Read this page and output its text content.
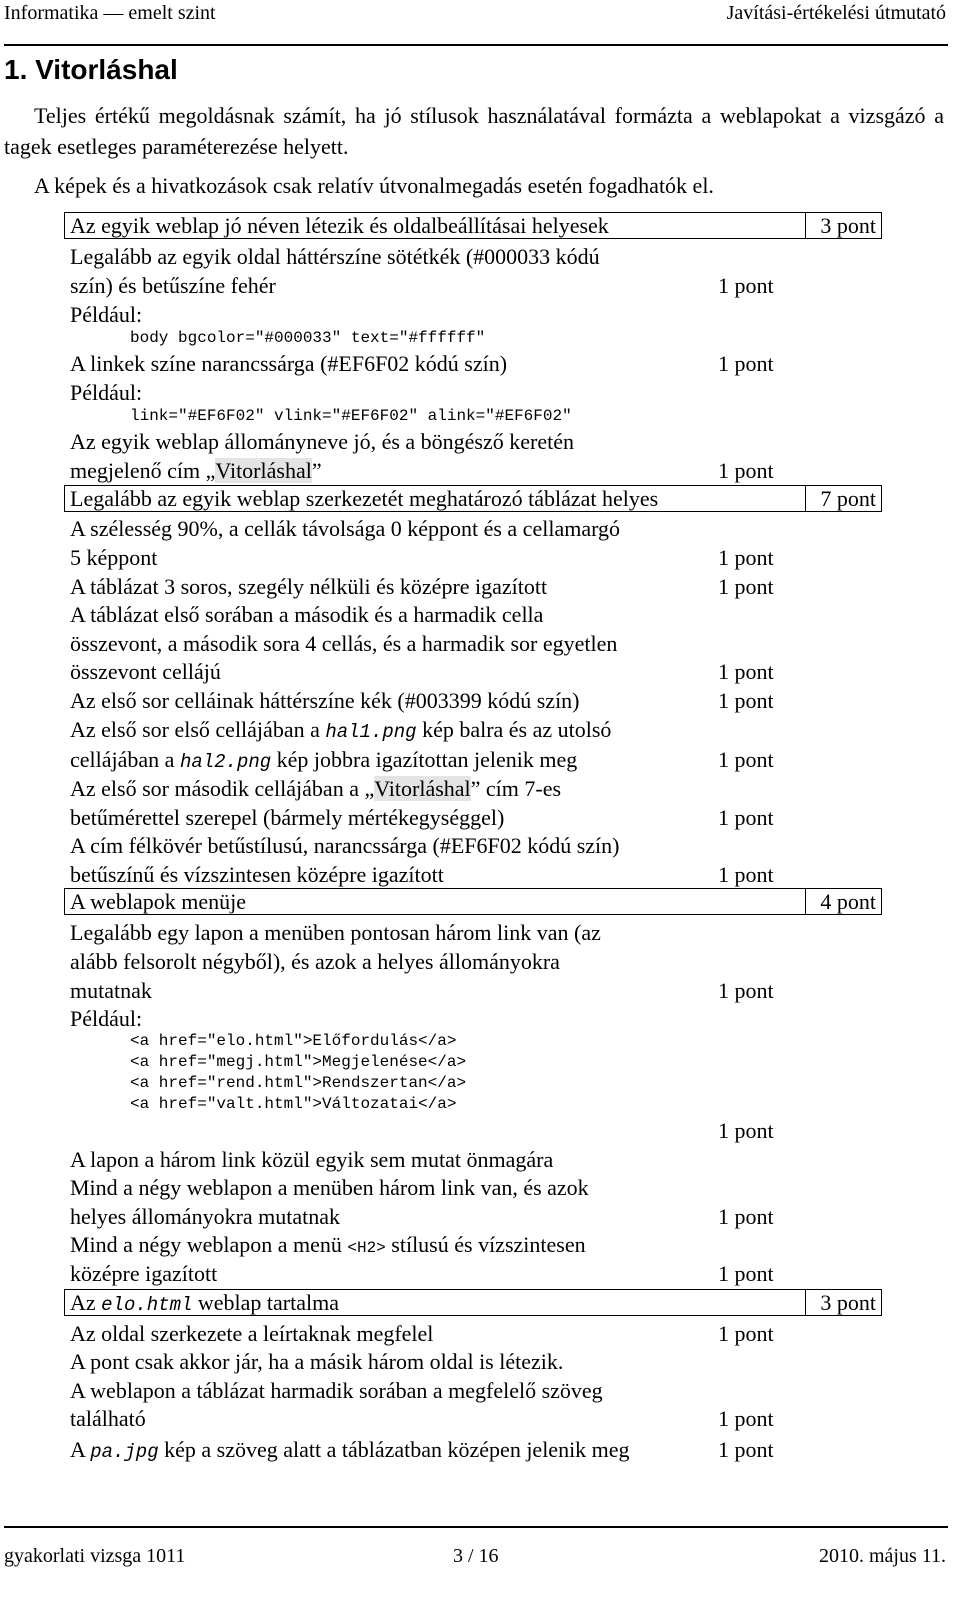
Informatika — emelt szint	Javítási-értékelési útmutató
1. Vitorláshal
Teljes értékű megoldásnak számít, ha jó stílusok használatával formázta a weblapokat a vizsgázó a tagek esetleges paraméterezése helyett.
A képek és a hivatkozások csak relatív útvonalmegadás esetén fogadhatók el.
Az egyik weblap jó néven létezik és oldalbeállításai helyesek	3 pont
Legalább az egyik oldal háttérszíne sötétkék (#000033 kódú
szín) és betűszíne fehér	1 pont
Például:
body bgcolor="#000033" text="#ffffff"
A linkek színe narancssárga (#EF6F02 kódú szín)	1 pont
Például:
link="#EF6F02" vlink="#EF6F02" alink="#EF6F02"
Az egyik weblap állományneve jó, és a böngésző keretén
megjelenő cím „Vitorláshal”	1 pont
Legalább az egyik weblap szerkezetét meghatározó táblázat helyes	7 pont
A szélesség 90%, a cellák távolsága 0 képpont és a cellamargó
5 képpont	1 pont
A táblázat 3 soros, szegély nélküli és középre igazított	1 pont
A táblázat első sorában a második és a harmadik cella
összevont, a második sora 4 cellás, és a harmadik sor egyetlen
összevont cellájú	1 pont
Az első sor celláinak háttérszíne kék (#003399 kódú szín)	1 pont
Az első sor első cellájában a hal1.png kép balra és az utolsó
cellájában a hal2.png kép jobbra igazítottan jelenik meg	1 pont
Az első sor második cellájában a „Vitorláshal” cím 7-es
betűmérettel szerepel (bármely mértékegységgel)	1 pont
A cím félkövér betűstílusú, narancssárga (#EF6F02 kódú szín)
betűszínű és vízszintesen középre igazított	1 pont
A weblapok menüje	4 pont
Legalább egy lapon a menüben pontosan három link van (az
alább felsorolt négyből), és azok a helyes állományokra
mutatnak	1 pont
Például:
<a href="elo.html">Előfordulás</a>
<a href="megj.html">Megjelenése</a>
<a href="rend.html">Rendszertan</a>
<a href="valt.html">Változatai</a>
1 pont
A lapon a három link közül egyik sem mutat önmagára
Mind a négy weblapon a menüben három link van, és azok
helyes állományokra mutatnak	1 pont
Mind a négy weblapon a menü <H2> stílusú és vízszintesen
középre igazított	1 pont
Az elo.html weblap tartalma	3 pont
Az oldal szerkezete a leírtaknak megfelel	1 pont
A pont csak akkor jár, ha a másik három oldal is létezik.
A weblapon a táblázat harmadik sorában a megfelelő szöveg
található	1 pont
A pa.jpg kép a szöveg alatt a táblázatban középen jelenik meg	1 pont
gyakorlati vizsga 1011	3 / 16	2010. május 11.
